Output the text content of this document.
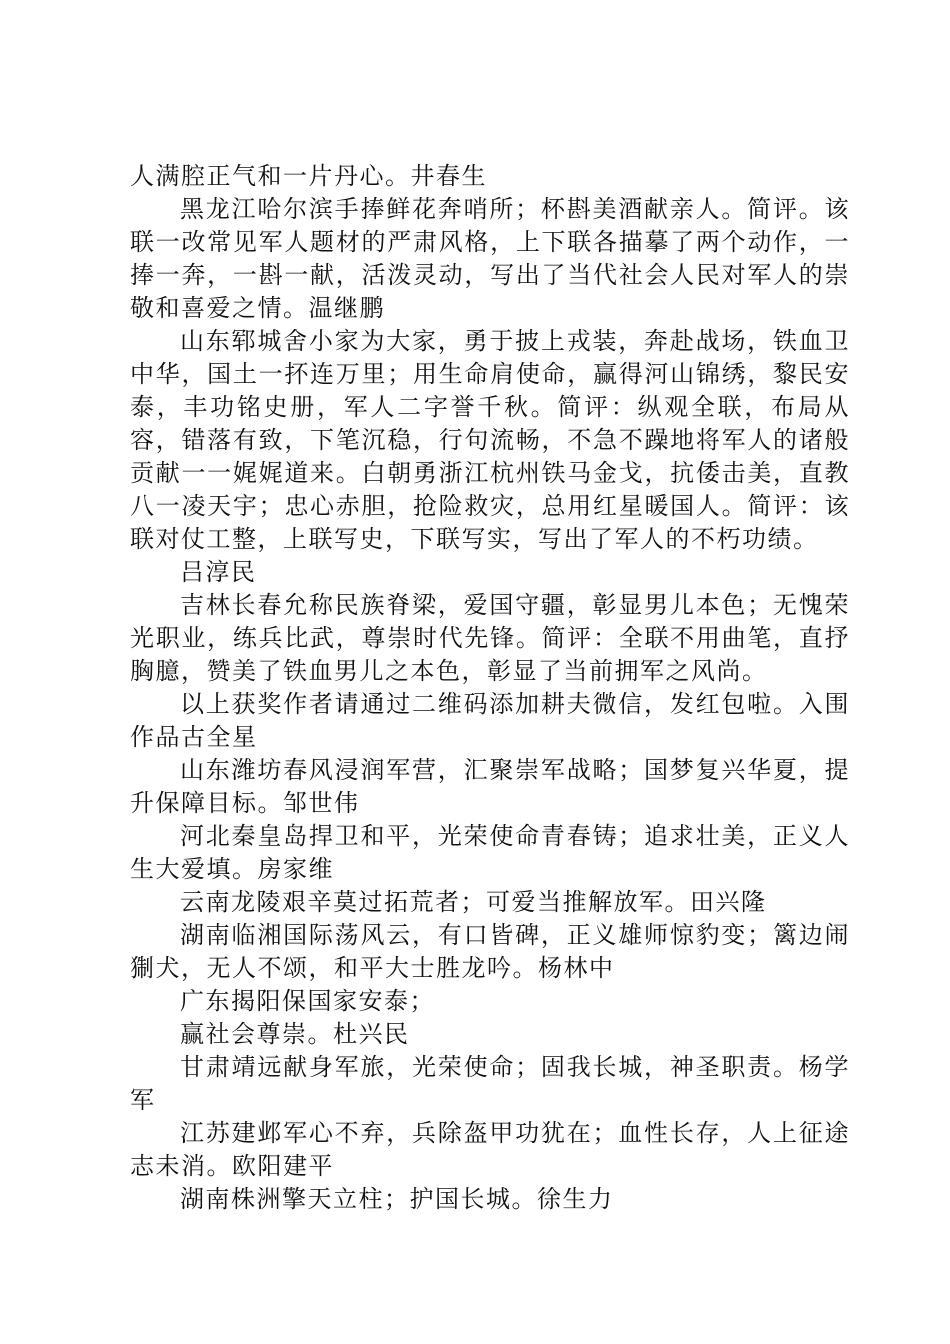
人满腔正气和一片丹心。井春生

黑龙江哈尔滨手捧鲜花奔哨所；杯斟美酒献亲人。简评。该联一改常见军人题材的严肃风格，上下联各描摹了两个动作，一捧一奔，一斟一献，活泼灵动，写出了当代社会人民对军人的崇敬和喜爱之情。温继鹏

山东郓城舍小家为大家，勇于披上戎装，奔赴战场，铁血卫中华，国土一抔连万里；用生命肩使命，赢得河山锦绣，黎民安泰，丰功铭史册，军人二字誉千秋。简评：纵观全联，布局从容，错落有致，下笔沉稳，行句流畅，不急不躁地将军人的诸般贡献一一娓娓道来。白朝勇浙江杭州铁马金戈，抗倭击美，直教八一凌天宇；忠心赤胆，抢险救灾，总用红星暖国人。简评：该联对仗工整，上联写史，下联写实，写出了军人的不朽功绩。

吕淳民

吉林长春允称民族脊梁，爱国守疆，彰显男儿本色；无愧荣光职业，练兵比武，尊崇时代先锋。简评：全联不用曲笔，直抒胸臆，赞美了铁血男儿之本色，彰显了当前拥军之风尚。

以上获奖作者请通过二维码添加耕夫微信，发红包啦。入围作品古全星

山东潍坊春风浸润军营，汇聚崇军战略；国梦复兴华夏，提升保障目标。邹世伟

河北秦皇岛捍卫和平，光荣使命青春铸；追求壮美，正义人生大爱填。房家维

云南龙陵艰辛莫过拓荒者；可爱当推解放军。田兴隆

湖南临湘国际荡风云，有口皆碑，正义雄师惊豹变；篱边闹猘犬，无人不颂，和平大士胜龙吟。杨林中

广东揭阳保国家安泰；

赢社会尊崇。杜兴民

甘肃靖远献身军旅，光荣使命；固我长城，神圣职责。杨学军

江苏建邺军心不弃，兵除盔甲功犹在；血性长存，人上征途志未消。欧阳建平

湖南株洲擎天立柱；护国长城。徐生力
